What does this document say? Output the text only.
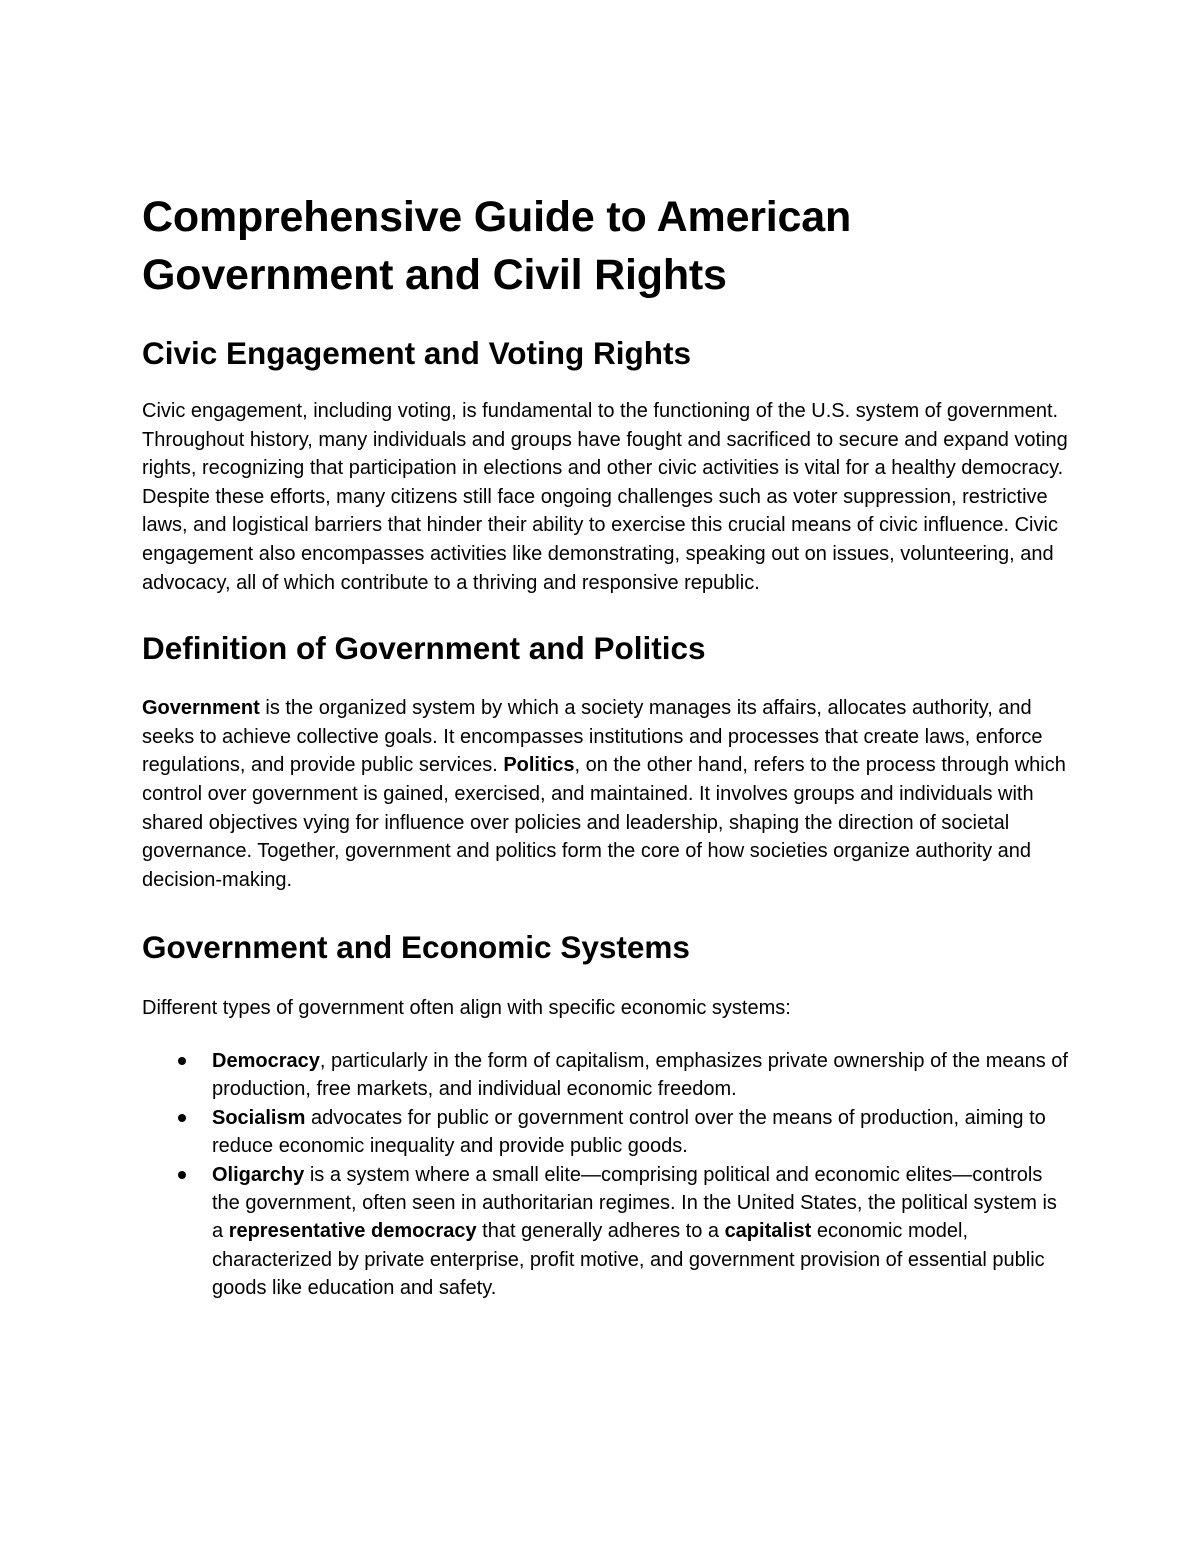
Comprehensive Guide to American Government and Civil Rights
Civic Engagement and Voting Rights

Civic engagement, including voting, is fundamental to the functioning of the U.S. system of government. Throughout history, many individuals and groups have fought and sacrificed to secure and expand voting rights, recognizing that participation in elections and other civic activities is vital for a healthy democracy. Despite these efforts, many citizens still face ongoing challenges such as voter suppression, restrictive laws, and logistical barriers that hinder their ability to exercise this crucial means of civic influence. Civic engagement also encompasses activities like demonstrating, speaking out on issues, volunteering, and advocacy, all of which contribute to a thriving and responsive republic.

Definition of Government and Politics

Government is the organized system by which a society manages its affairs, allocates authority, and seeks to achieve collective goals. It encompasses institutions and processes that create laws, enforce regulations, and provide public services. Politics, on the other hand, refers to the process through which control over government is gained, exercised, and maintained. It involves groups and individuals with shared objectives vying for influence over policies and leadership, shaping the direction of societal governance. Together, government and politics form the core of how societies organize authority and decision-making.

Government and Economic Systems

Different types of government often align with specific economic systems:

Democracy, particularly in the form of capitalism, emphasizes private ownership of the means of production, free markets, and individual economic freedom.
Socialism advocates for public or government control over the means of production, aiming to reduce economic inequality and provide public goods.
Oligarchy is a system where a small elite—comprising political and economic elites—controls the government, often seen in authoritarian regimes. In the United States, the political system is a representative democracy that generally adheres to a capitalist economic model, characterized by private enterprise, profit motive, and government provision of essential public goods like education and safety.
